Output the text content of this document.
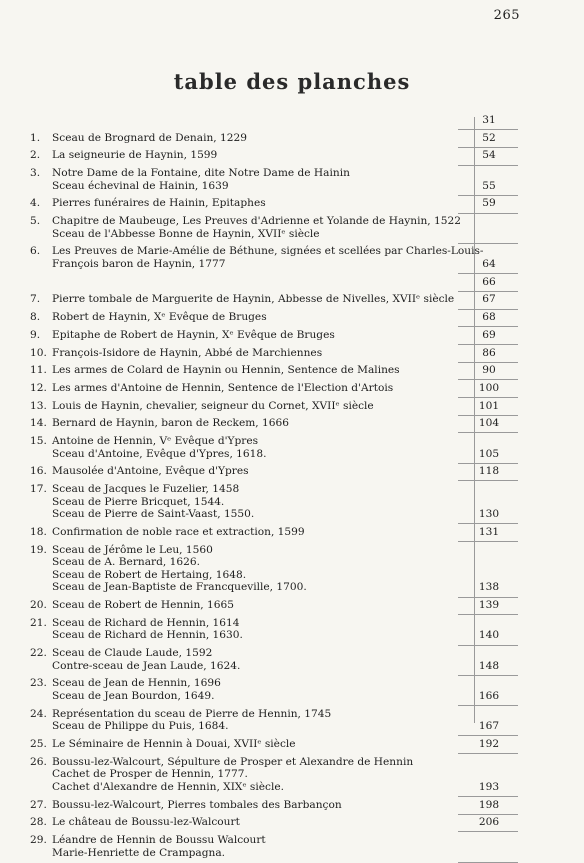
265
table des planches
31
1.	Sceau de Brognard de Denain, 1229	52
2.	La seigneurie de Haynin, 1599	54
3.	Notre Dame de la Fontaine, dite Notre Dame de Hainin
Sceau échevinal de Hainin, 1639	55
4.	Pierres funéraires de Hainin, Epitaphes	59
5.	Chapitre de Maubeuge, Les Preuves d'Adrienne et Yolande de Haynin, 1522
Sceau de l'Abbesse Bonne de Haynin, XVIIᵉ siècle
6.	Les Preuves de Marie-Amélie de Béthune, signées et scellées par Charles-Louis-
François baron de Haynin, 1777	64
66
7.	Pierre tombale de Marguerite de Haynin, Abbesse de Nivelles, XVIIᵉ siècle	67
8.	Robert de Haynin, Xᵉ Evêque de Bruges	68
9.	Epitaphe de Robert de Haynin, Xᵉ Evêque de Bruges	69
10. François-Isidore de Haynin, Abbé de Marchiennes	86
11. Les armes de Colard de Haynin ou Hennin, Sentence de Malines	90
12. Les armes d'Antoine de Hennin, Sentence de l'Election d'Artois	100
13. Louis de Haynin, chevalier, seigneur du Cornet, XVIIᵉ siècle	101
14. Bernard de Haynin, baron de Reckem, 1666	104
15. Antoine de Hennin, Vᵉ Evêque d'Ypres
Sceau d'Antoine, Evêque d'Ypres, 1618.	105
16. Mausolée d'Antoine, Evêque d'Ypres	118
17. Sceau de Jacques le Fuzelier, 1458
Sceau de Pierre Bricquet, 1544.
Sceau de Pierre de Saint-Vaast, 1550.	130
18. Confirmation de noble race et extraction, 1599	131
19. Sceau de Jérôme le Leu, 1560
Sceau de A. Bernard, 1626.
Sceau de Robert de Hertaing, 1648.
Sceau de Jean-Baptiste de Francqueville, 1700.	138
20. Sceau de Robert de Hennin, 1665	139
21. Sceau de Richard de Hennin, 1614
Sceau de Richard de Hennin, 1630.	140
22. Sceau de Claude Laude, 1592
Contre-sceau de Jean Laude, 1624.	148
23. Sceau de Jean de Hennin, 1696
Sceau de Jean Bourdon, 1649.	166
24. Représentation du sceau de Pierre de Hennin, 1745
Sceau de Philippe du Puis, 1684.	167
25. Le Séminaire de Hennin à Douai, XVIIᵉ siècle	192
26. Boussu-lez-Walcourt, Sépulture de Prosper et Alexandre de Hennin
Cachet de Prosper de Hennin, 1777.
Cachet d'Alexandre de Hennin, XIXᵉ siècle.	193
27. Boussu-lez-Walcourt, Pierres tombales des Barbançon	198
28. Le château de Boussu-lez-Walcourt	206
29. Léandre de Hennin de Boussu Walcourt
Marie-Henriette de Crampagna.
